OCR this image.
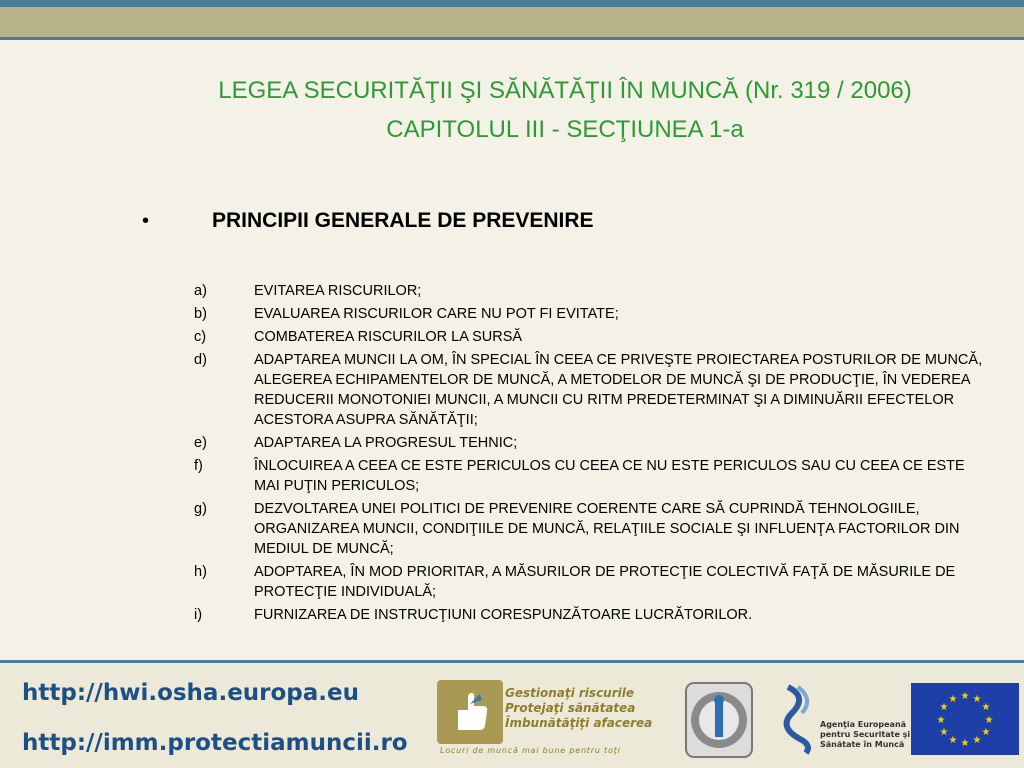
LEGEA SECURITĂŢII ŞI SĂNĂTĂŢII ÎN MUNCĂ (Nr. 319 / 2006)
CAPITOLUL III - SECŢIUNEA 1-a
•	PRINCIPII GENERALE DE PREVENIRE
a)	EVITAREA RISCURILOR;
b)	EVALUAREA RISCURILOR CARE NU POT FI EVITATE;
c)	COMBATEREA RISCURILOR LA SURSĂ
d)	ADAPTAREA MUNCII LA OM, ÎN SPECIAL ÎN CEEA CE PRIVEŞTE PROIECTAREA POSTURILOR DE MUNCĂ, ALEGEREA ECHIPAMENTELOR DE MUNCĂ, A METODELOR DE MUNCĂ ŞI DE PRODUCŢIE, ÎN VEDEREA REDUCERII MONOTONIEI MUNCII, A MUNCII CU RITM PREDETERMINAT ŞI A DIMINUĂRII EFECTELOR ACESTORA ASUPRA SĂNĂTĂŢII;
e)	ADAPTAREA LA PROGRESUL TEHNIC;
f)	ÎNLOCUIREA A CEEA CE ESTE PERICULOS CU CEEA CE NU ESTE PERICULOS SAU CU CEEA CE ESTE MAI PUŢIN PERICULOS;
g)	DEZVOLTAREA UNEI POLITICI DE PREVENIRE COERENTE CARE SĂ CUPRINDĂ TEHNOLOGIILE, ORGANIZAREA MUNCII, CONDIŢIILE DE MUNCĂ, RELAŢIILE SOCIALE ŞI INFLUENŢA FACTORILOR DIN MEDIUL DE MUNCĂ;
h)	ADOPTAREA, ÎN MOD PRIORITAR, A MĂSURILOR DE PROTECŢIE COLECTIVĂ FAŢĂ DE MĂSURILE DE PROTECŢIE INDIVIDUALĂ;
i)	FURNIZAREA DE INSTRUCŢIUNI CORESPUNZĂTOARE LUCRĂTORILOR.
http://hwi.osha.europa.eu
http://imm.protectiamuncii.ro
Gestionaţi riscurile
Protejaţi sănătatea
Îmbunătăţiţi afacerea
Locuri de muncă mai bune pentru toţi
Agenţia Europeană
pentru Securitate şi
Sănătate în Muncă
★ ★
★
★
★
★
★
★
★
★
★
★
